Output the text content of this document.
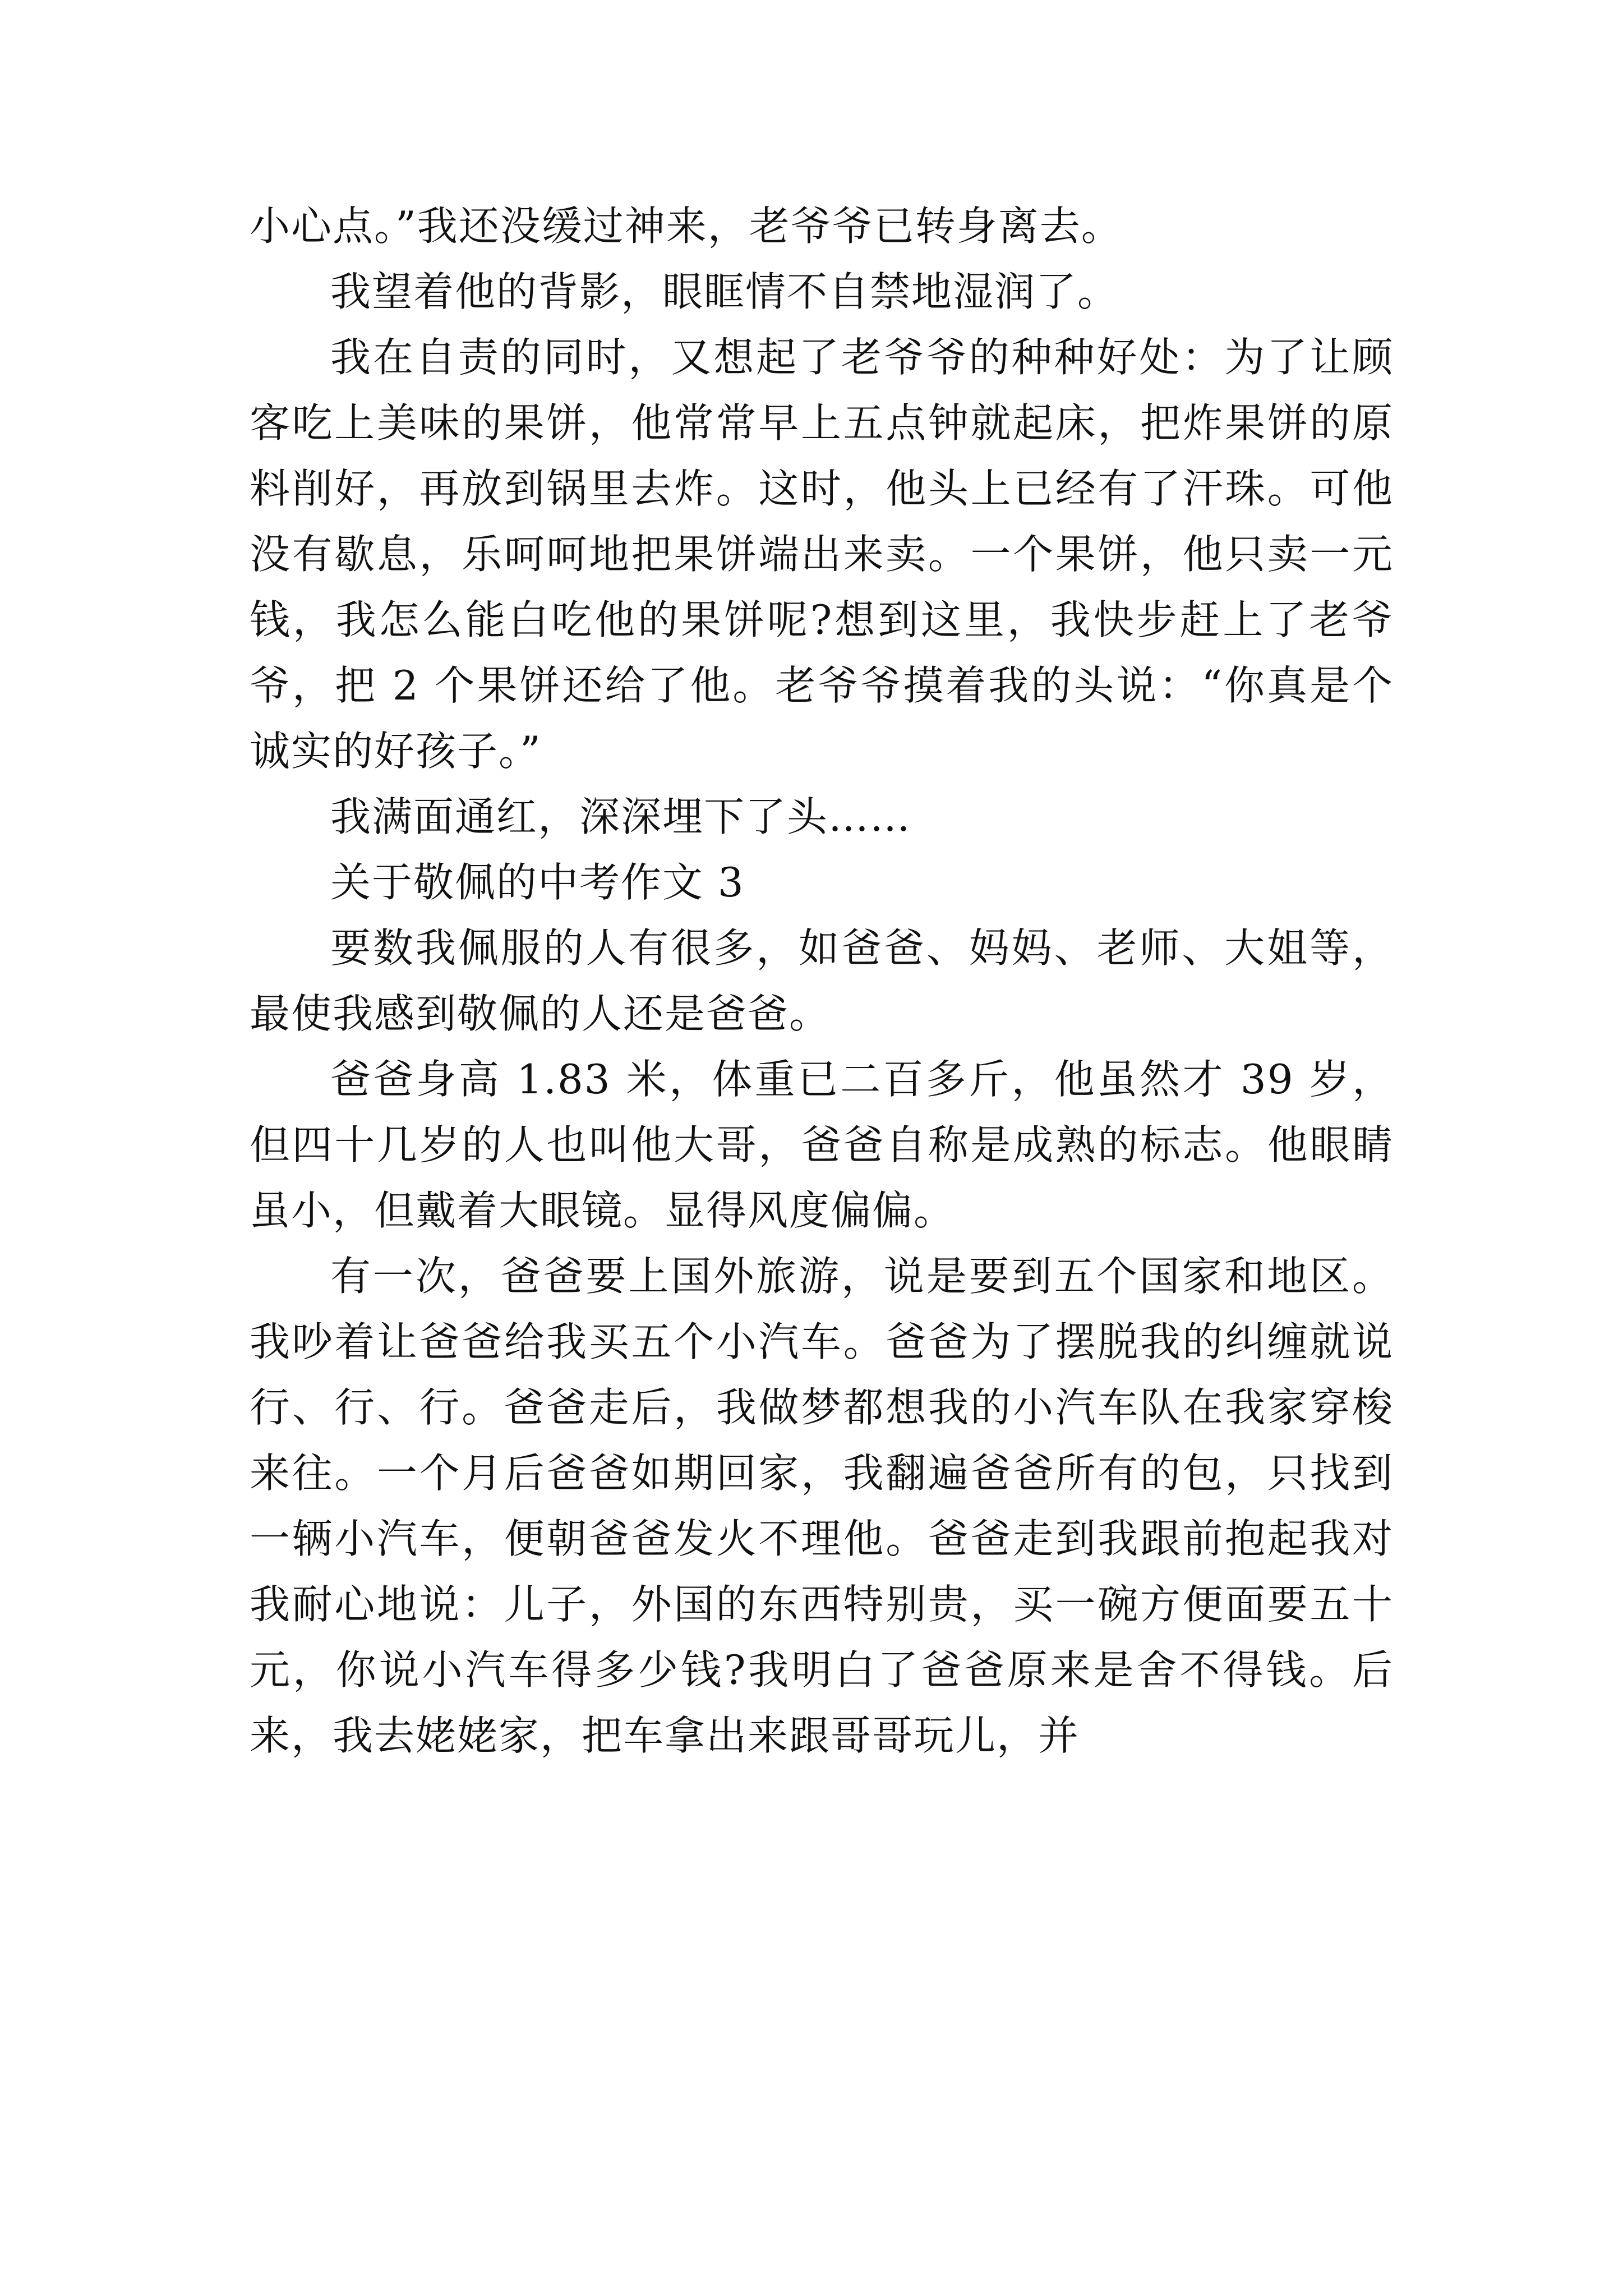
小心点。”我还没缓过神来，老爷爷已转身离去。

我望着他的背影，眼眶情不自禁地湿润了。

我在自责的同时，又想起了老爷爷的种种好处：为了让顾客吃上美味的果饼，他常常早上五点钟就起床，把炸果饼的原料削好，再放到锅里去炸。这时，他头上已经有了汗珠。可他没有歇息，乐呵呵地把果饼端出来卖。一个果饼，他只卖一元钱，我怎么能白吃他的果饼呢?想到这里，我快步赶上了老爷爷，把 2 个果饼还给了他。老爷爷摸着我的头说：“你真是个诚实的好孩子。”

我满面通红，深深埋下了头……

关于敬佩的中考作文 3

要数我佩服的人有很多，如爸爸、妈妈、老师、大姐等，最使我感到敬佩的人还是爸爸。

爸爸身高 1.83 米，体重已二百多斤，他虽然才 39 岁，但四十几岁的人也叫他大哥，爸爸自称是成熟的标志。他眼睛虽小，但戴着大眼镜。显得风度偏偏。

有一次，爸爸要上国外旅游，说是要到五个国家和地区。我吵着让爸爸给我买五个小汽车。爸爸为了摆脱我的纠缠就说行、行、行。爸爸走后，我做梦都想我的小汽车队在我家穿梭来往。一个月后爸爸如期回家，我翻遍爸爸所有的包，只找到一辆小汽车，便朝爸爸发火不理他。爸爸走到我跟前抱起我对我耐心地说：儿子，外国的东西特别贵，买一碗方便面要五十元，你说小汽车得多少钱?我明白了爸爸原来是舍不得钱。后来，我去姥姥家，把车拿出来跟哥哥玩儿，并
